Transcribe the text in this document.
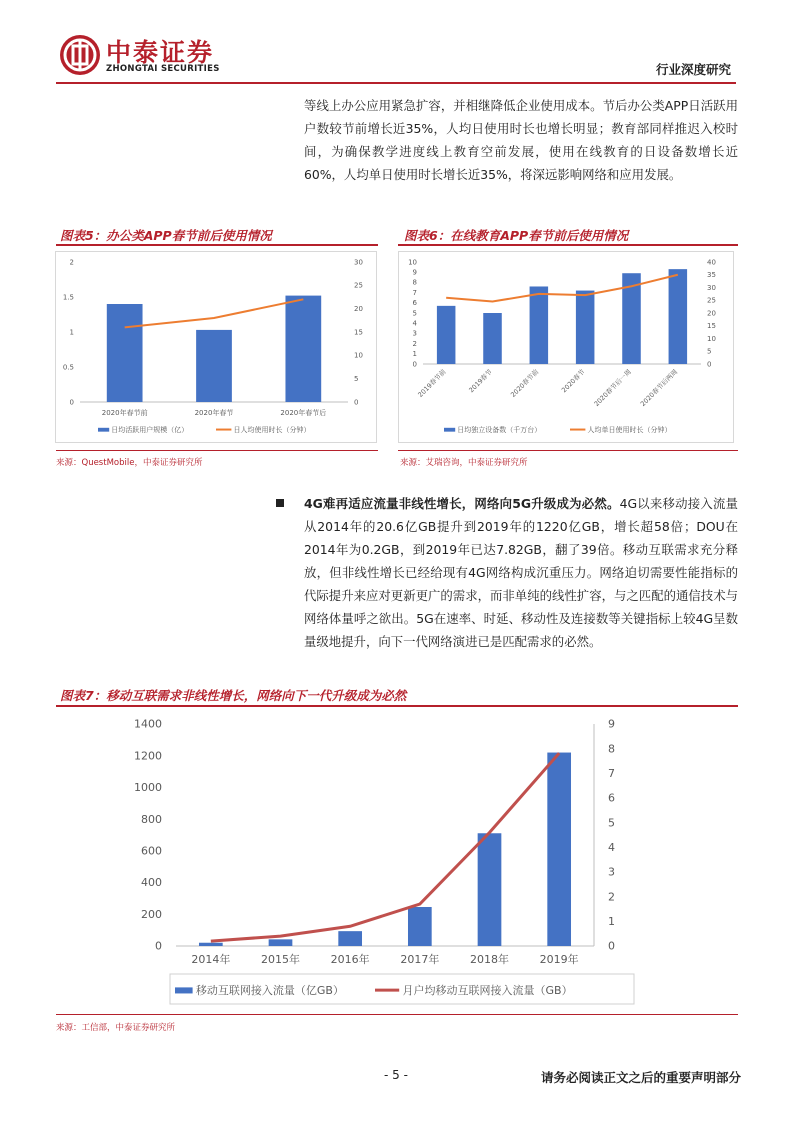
中泰证券
ZHONGTAI SECURITIES	行业深度研究
等线上办公应用紧急扩容，并相继降低企业使用成本。节后办公类APP日活跃用户数较节前增长近35%，人均日使用时长也增长明显；教育部同样推迟入校时间，为确保教学进度线上教育空前发展，使用在线教育的日设备数增长近60%，人均单日使用时长增长近35%，将深远影响网络和应用发展。
图表5：办公类APP春节前后使用情况
0
0.5
1
1.5
2
0
5
10
15
20
25
30
2020年春节前	2020年春节	2020年春节后
日均活跃用户规模（亿）	日人均使用时长（分钟）
来源：QuestMobile，中泰证券研究所
图表6：在线教育APP春节前后使用情况
0
1
2
3
4
5
6
7
8
9
10
0
5
10
15
20
25
30
35
40
2019春节前	2019春节 2020春节前	2020春节 2020春节后一周 2020春节后两周
日均独立设备数（千万台）	人均单日使用时长（分钟）
来源：艾瑞咨询，中泰证券研究所
4G难再适应流量非线性增长，网络向5G升级成为必然。4G以来移动接入流量从2014年的20.6亿GB提升到2019年的1220亿GB，增长超58倍；DOU在2014年为0.2GB，到2019年已达7.82GB，翻了39倍。移动互联需求充分释放，但非线性增长已经给现有4G网络构成沉重压力。网络迫切需要性能指标的代际提升来应对更新更广的需求，而非单纯的线性扩容，与之匹配的通信技术与网络体量呼之欲出。5G在速率、时延、移动性及连接数等关键指标上较4G呈数量级地提升，向下一代网络演进已是匹配需求的必然。
图表7：移动互联需求非线性增长，网络向下一代升级成为必然
0
200
400
600
800
1000
1200
1400
0
1
2
3
4
5
6
7
8
9
2014年	2015年	2016年	2017年	2018年	2019年
移动互联网接入流量（亿GB）	月户均移动互联网接入流量（GB）
来源：工信部，中泰证券研究所
- 5 -	请务必阅读正文之后的重要声明部分
